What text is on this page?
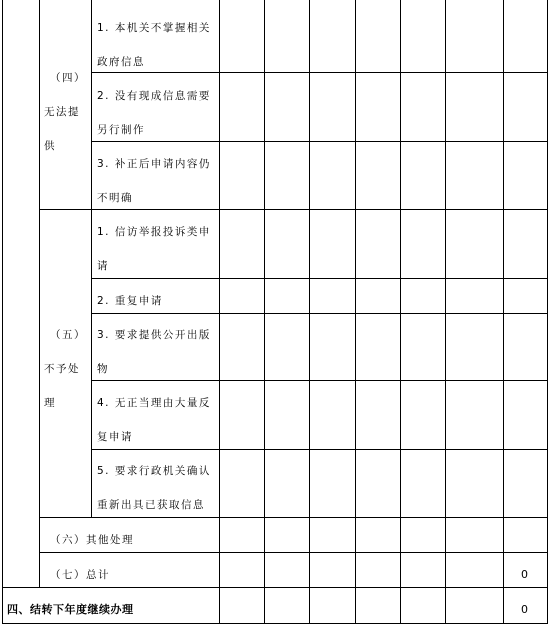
（四）
无法提
供
1. 本机关不掌握相关
政府信息
2. 没有现成信息需要
另行制作
3. 补正后申请内容仍
不明确
（五）
不予处
理
1. 信访举报投诉类申
请
2. 重复申请
3. 要求提供公开出版
物
4. 无正当理由大量反
复申请
5. 要求行政机关确认
重新出具已获取信息
（六）其他处理
（七）总计	0
四、结转下年度继续办理	0
